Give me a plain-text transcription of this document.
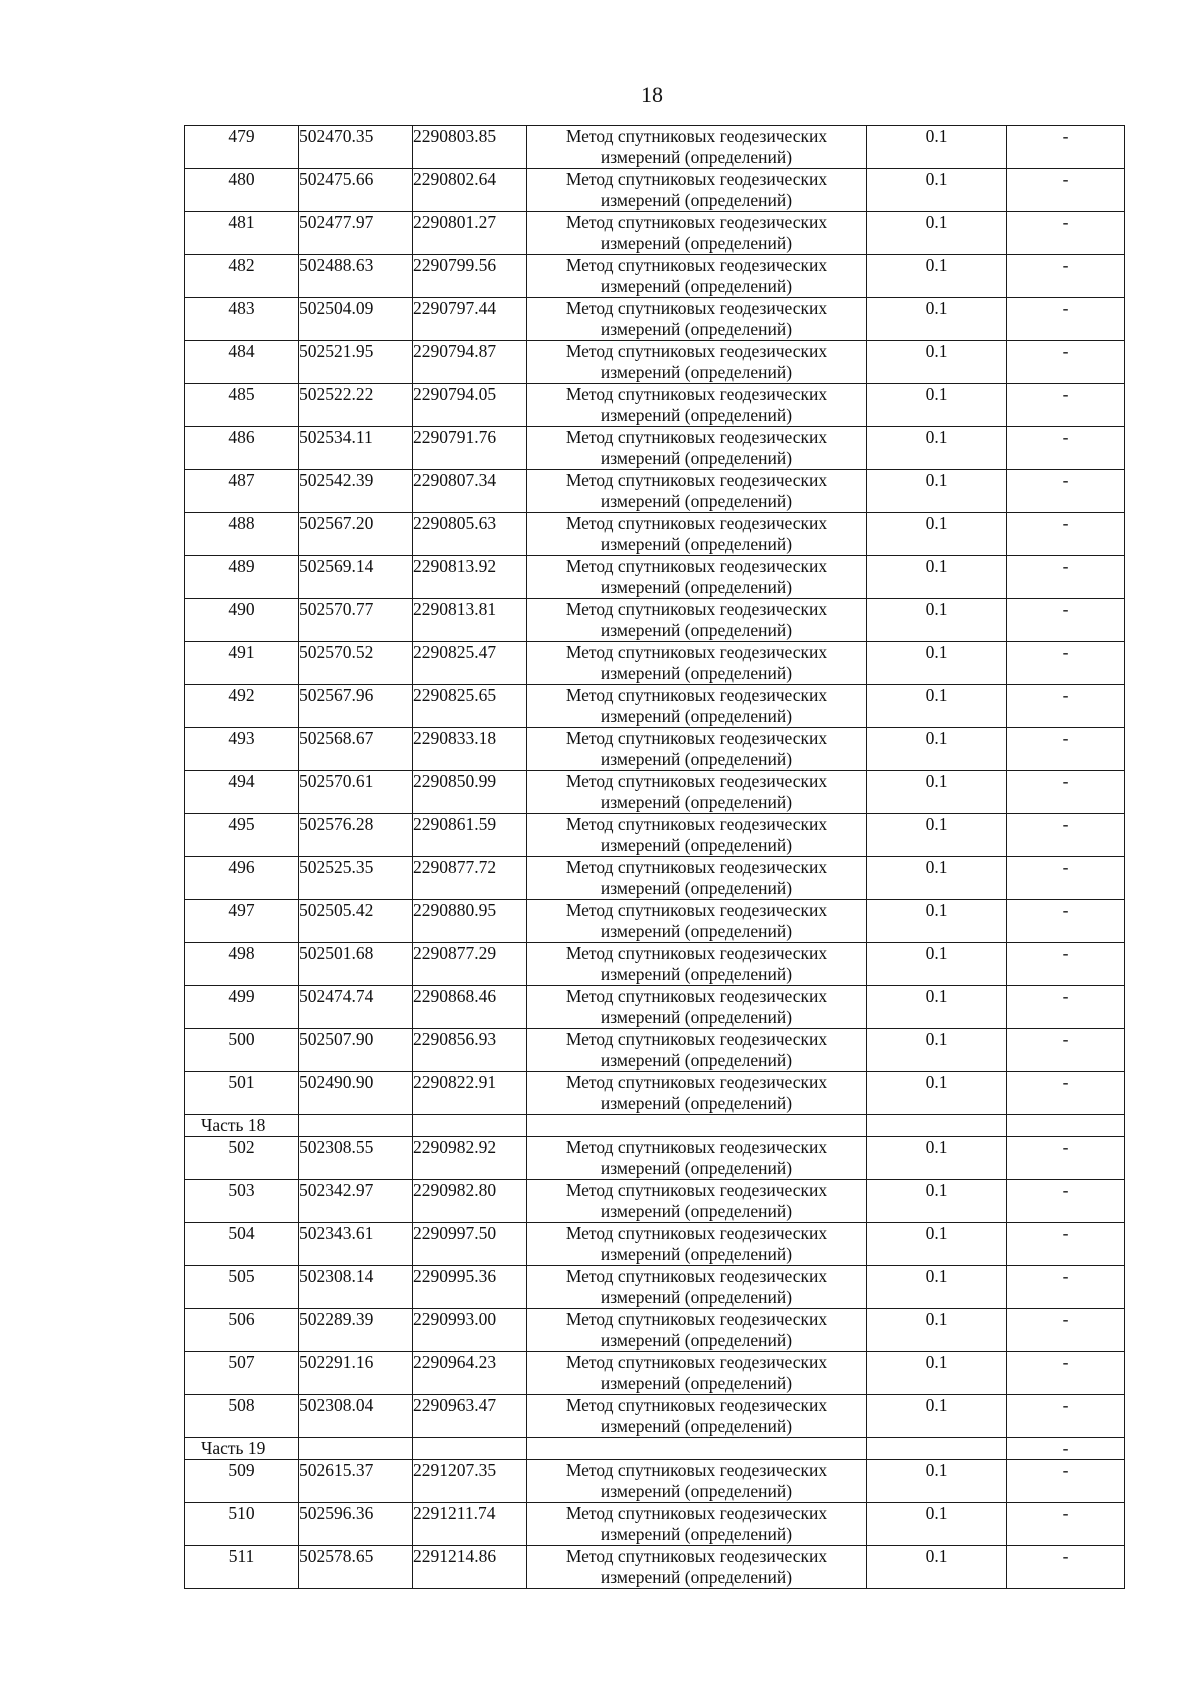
18
479	502470.35	2290803.85	Метод спутниковых геодезических измерений (определений)	0.1	-
480	502475.66	2290802.64	Метод спутниковых геодезических измерений (определений)	0.1	-
481	502477.97	2290801.27	Метод спутниковых геодезических измерений (определений)	0.1	-
482	502488.63	2290799.56	Метод спутниковых геодезических измерений (определений)	0.1	-
483	502504.09	2290797.44	Метод спутниковых геодезических измерений (определений)	0.1	-
484	502521.95	2290794.87	Метод спутниковых геодезических измерений (определений)	0.1	-
485	502522.22	2290794.05	Метод спутниковых геодезических измерений (определений)	0.1	-
486	502534.11	2290791.76	Метод спутниковых геодезических измерений (определений)	0.1	-
487	502542.39	2290807.34	Метод спутниковых геодезических измерений (определений)	0.1	-
488	502567.20	2290805.63	Метод спутниковых геодезических измерений (определений)	0.1	-
489	502569.14	2290813.92	Метод спутниковых геодезических измерений (определений)	0.1	-
490	502570.77	2290813.81	Метод спутниковых геодезических измерений (определений)	0.1	-
491	502570.52	2290825.47	Метод спутниковых геодезических измерений (определений)	0.1	-
492	502567.96	2290825.65	Метод спутниковых геодезических измерений (определений)	0.1	-
493	502568.67	2290833.18	Метод спутниковых геодезических измерений (определений)	0.1	-
494	502570.61	2290850.99	Метод спутниковых геодезических измерений (определений)	0.1	-
495	502576.28	2290861.59	Метод спутниковых геодезических измерений (определений)	0.1	-
496	502525.35	2290877.72	Метод спутниковых геодезических измерений (определений)	0.1	-
497	502505.42	2290880.95	Метод спутниковых геодезических измерений (определений)	0.1	-
498	502501.68	2290877.29	Метод спутниковых геодезических измерений (определений)	0.1	-
499	502474.74	2290868.46	Метод спутниковых геодезических измерений (определений)	0.1	-
500	502507.90	2290856.93	Метод спутниковых геодезических измерений (определений)	0.1	-
501	502490.90	2290822.91	Метод спутниковых геодезических измерений (определений)	0.1	-
Часть 18					
502	502308.55	2290982.92	Метод спутниковых геодезических измерений (определений)	0.1	-
503	502342.97	2290982.80	Метод спутниковых геодезических измерений (определений)	0.1	-
504	502343.61	2290997.50	Метод спутниковых геодезических измерений (определений)	0.1	-
505	502308.14	2290995.36	Метод спутниковых геодезических измерений (определений)	0.1	-
506	502289.39	2290993.00	Метод спутниковых геодезических измерений (определений)	0.1	-
507	502291.16	2290964.23	Метод спутниковых геодезических измерений (определений)	0.1	-
508	502308.04	2290963.47	Метод спутниковых геодезических измерений (определений)	0.1	-
Часть 19					-
509	502615.37	2291207.35	Метод спутниковых геодезических измерений (определений)	0.1	-
510	502596.36	2291211.74	Метод спутниковых геодезических измерений (определений)	0.1	-
511	502578.65	2291214.86	Метод спутниковых геодезических измерений (определений)	0.1	-
